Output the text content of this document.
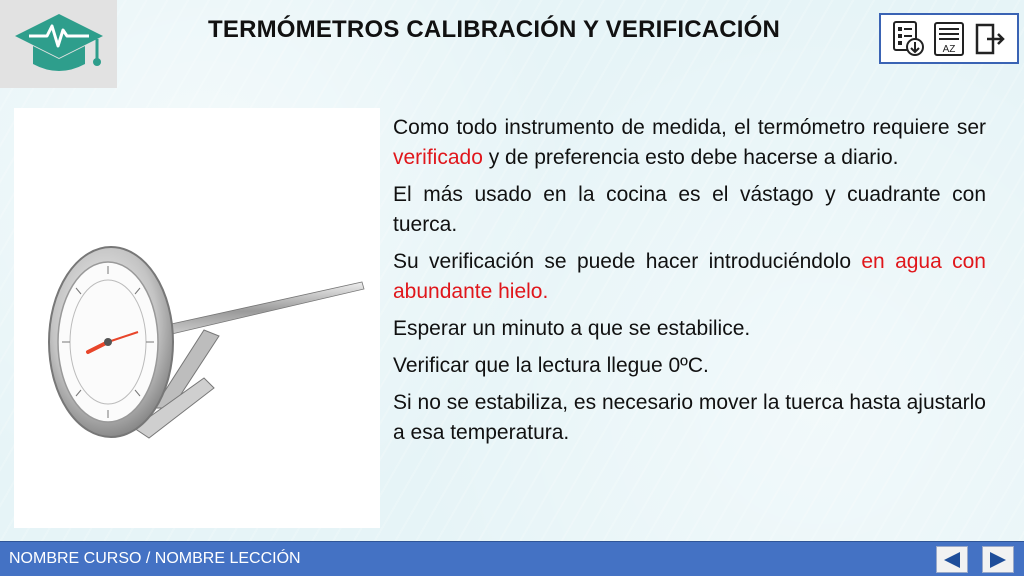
TERMÓMETROS CALIBRACIÓN Y VERIFICACIÓN
AZ

Como todo instrumento de medida, el termómetro requiere ser verificado y de preferencia esto debe hacerse a diario.

El más usado en la cocina es el vástago y cuadrante con tuerca.

Su verificación se puede hacer introduciéndolo en agua con abundante hielo.

Esperar un minuto a que se estabilice.

Verificar que la lectura llegue 0ºC.

Si no se estabiliza, es necesario mover la tuerca hasta ajustarlo a esa temperatura.

NOMBRE CURSO / NOMBRE LECCIÓN
